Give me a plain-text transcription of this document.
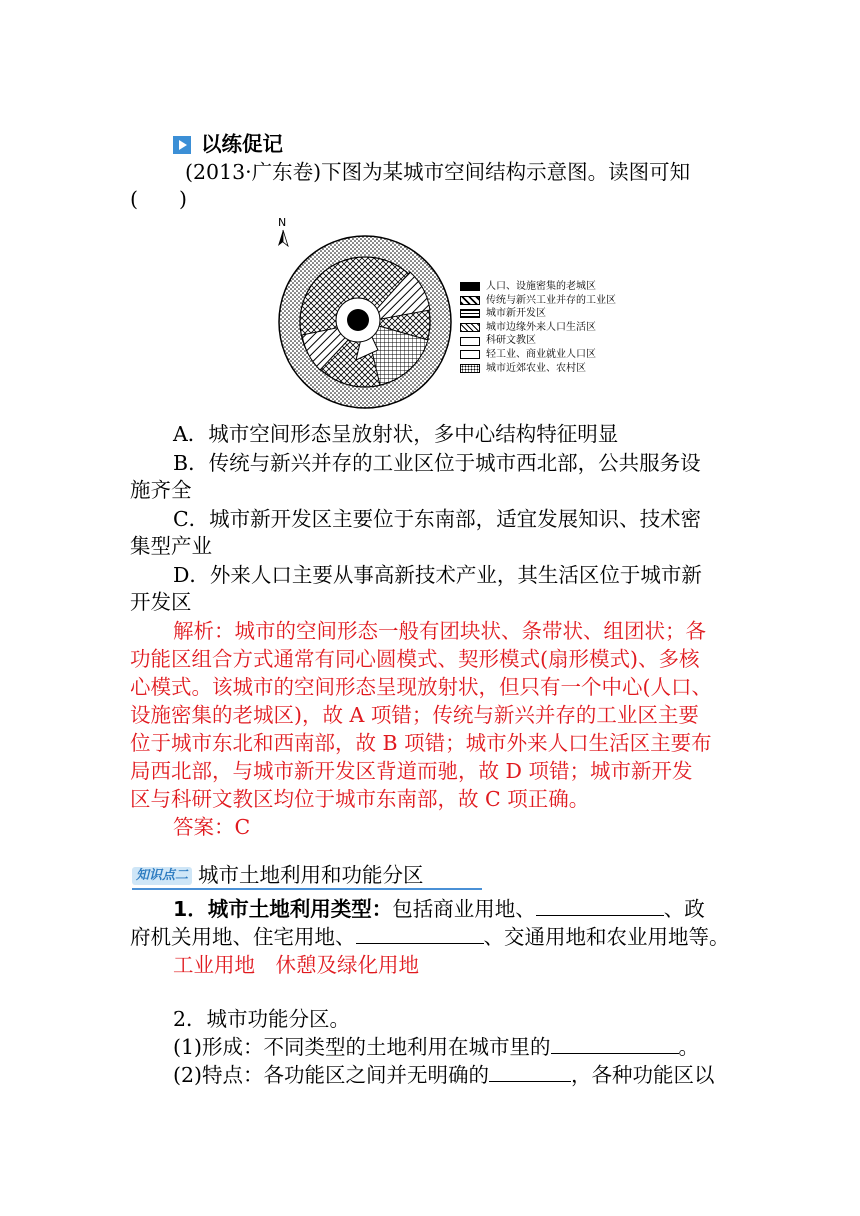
以练促记
(2013·广东卷)下图为某城市空间结构示意图。读图可知
(　　)
N
人口、设施密集的老城区
传统与新兴工业并存的工业区
城市新开发区
城市边缘外来人口生活区
科研文教区
轻工业、商业就业人口区
城市近郊农业、农村区
A．城市空间形态呈放射状，多中心结构特征明显
B．传统与新兴并存的工业区位于城市西北部，公共服务设
施齐全
C．城市新开发区主要位于东南部，适宜发展知识、技术密
集型产业
D．外来人口主要从事高新技术产业，其生活区位于城市新
开发区
解析：城市的空间形态一般有团块状、条带状、组团状；各
功能区组合方式通常有同心圆模式、契形模式(扇形模式)、多核
心模式。该城市的空间形态呈现放射状，但只有一个中心(人口、
设施密集的老城区)，故 A 项错；传统与新兴并存的工业区主要
位于城市东北和西南部，故 B 项错；城市外来人口生活区主要布
局西北部，与城市新开发区背道而驰，故 D 项错；城市新开发
区与科研文教区均位于城市东南部，故 C 项正确。
答案：C
知识点二 城市土地利用和功能分区
1．城市土地利用类型：包括商业用地、	、政
府机关用地、住宅用地、	、交通用地和农业用地等。
工业用地　休憩及绿化用地
2．城市功能分区。
(1)形成：不同类型的土地利用在城市里的	。
(2)特点：各功能区之间并无明确的	，各种功能区以
